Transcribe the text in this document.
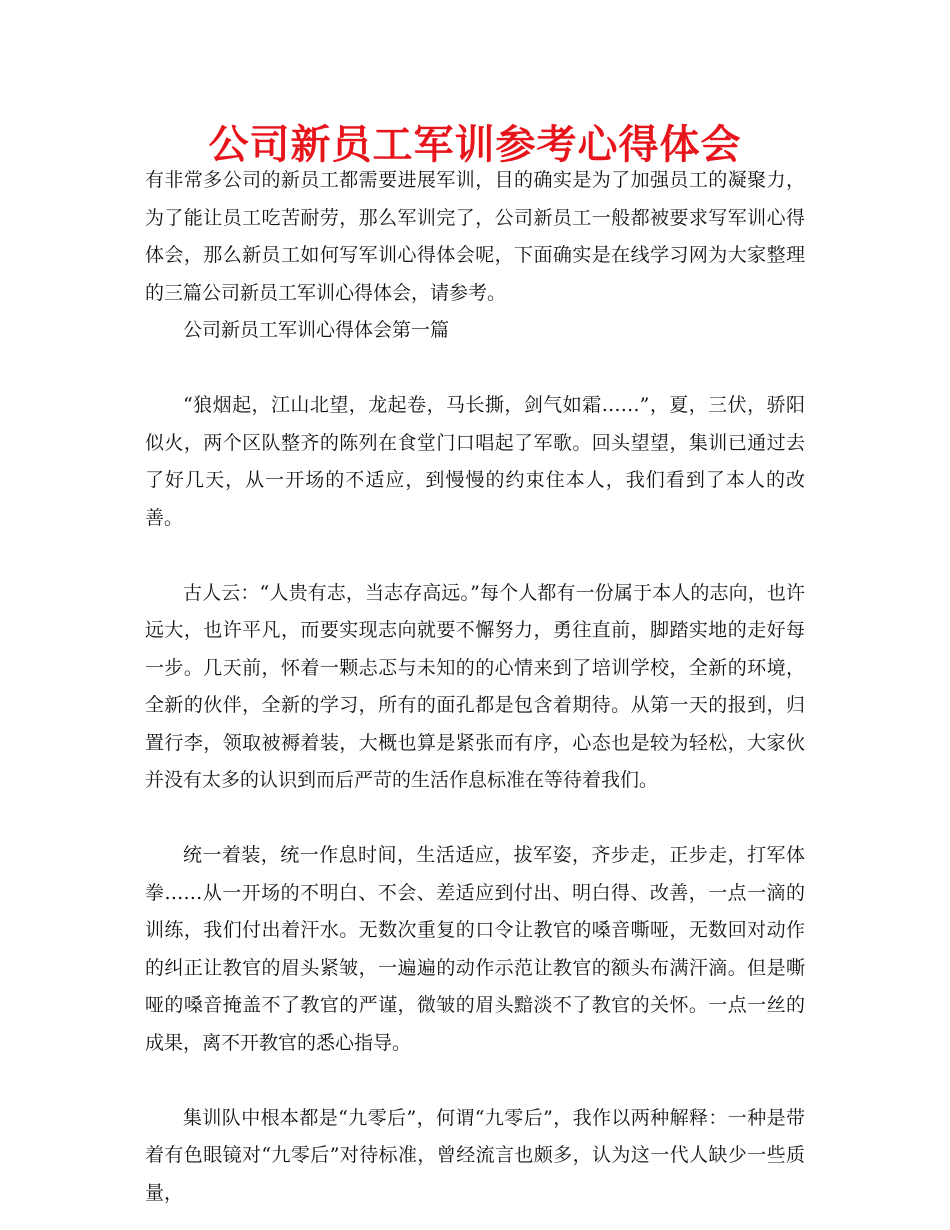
公司新员工军训参考心得体会

有非常多公司的新员工都需要进展军训，目的确实是为了加强员工的凝聚力，为了能让员工吃苦耐劳，那么军训完了，公司新员工一般都被要求写军训心得体会，那么新员工如何写军训心得体会呢，下面确实是在线学习网为大家整理的三篇公司新员工军训心得体会，请参考。

公司新员工军训心得体会第一篇

“狼烟起，江山北望，龙起卷，马长撕，剑气如霜……”，夏，三伏，骄阳似火，两个区队整齐的陈列在食堂门口唱起了军歌。回头望望，集训已通过去了好几天，从一开场的不适应，到慢慢的约束住本人，我们看到了本人的改善。

古人云：“人贵有志，当志存高远。”每个人都有一份属于本人的志向，也许远大，也许平凡，而要实现志向就要不懈努力，勇往直前，脚踏实地的走好每一步。几天前，怀着一颗忐忑与未知的的心情来到了培训学校，全新的环境，全新的伙伴，全新的学习，所有的面孔都是包含着期待。从第一天的报到，归置行李，领取被褥着装，大概也算是紧张而有序，心态也是较为轻松，大家伙并没有太多的认识到而后严苛的生活作息标准在等待着我们。

统一着装，统一作息时间，生活适应，拔军姿，齐步走，正步走，打军体拳……从一开场的不明白、不会、差适应到付出、明白得、改善，一点一滴的训练，我们付出着汗水。无数次重复的口令让教官的嗓音嘶哑，无数回对动作的纠正让教官的眉头紧皱，一遍遍的动作示范让教官的额头布满汗滴。但是嘶哑的嗓音掩盖不了教官的严谨，微皱的眉头黯淡不了教官的关怀。一点一丝的成果，离不开教官的悉心指导。

集训队中根本都是“九零后”，何谓“九零后”，我作以两种解释：一种是带着有色眼镜对“九零后”对待标准，曾经流言也颇多，认为这一代人缺少一些质量，
